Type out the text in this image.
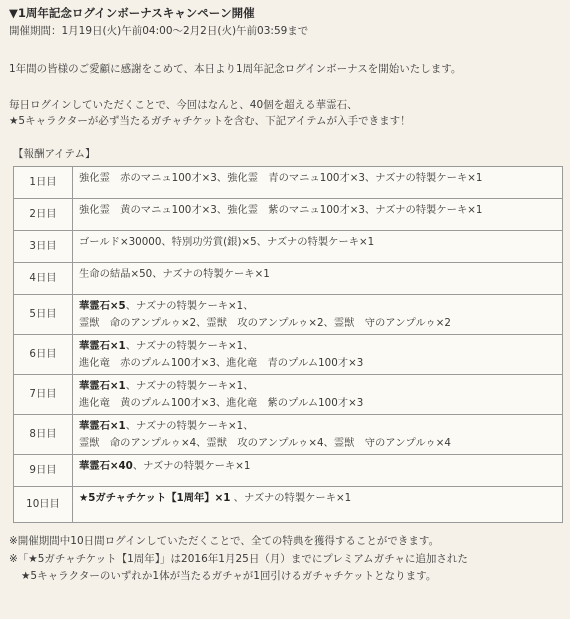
▼1周年記念ログインボーナスキャンペーン開催

開催期間：1月19日(火)午前04:00～2月2日(火)午前03:59まで

1年間の皆様のご愛顧に感謝をこめて、本日より1周年記念ログインボーナスを開始いたします。

毎日ログインしていただくことで、今回はなんと、40個を超える華霊石、

★5キャラクターが必ず当たるガチャチケットを含む、下記アイテムが入手できます！

【報酬アイテム】
1日目	強化霊　赤のマニュ100才×3、強化霊　青のマニュ100才×3、ナズナの特製ケーキ×1

2日目	強化霊　黄のマニュ100才×3、強化霊　紫のマニュ100才×3、ナズナの特製ケーキ×1

3日目	ゴールド×30000、特別功労賞(銀)×5、ナズナの特製ケーキ×1

4日目	生命の結晶×50、ナズナの特製ケーキ×1

5日目	華霊石×5、ナズナの特製ケーキ×1、
霊獣　命のアンプルゥ×2、霊獣　攻のアンプルゥ×2、霊獣　守のアンプルゥ×2

6日目	華霊石×1、ナズナの特製ケーキ×1、
進化竜　赤のプルム100才×3、進化竜　青のプルム100才×3

7日目	華霊石×1、ナズナの特製ケーキ×1、
進化竜　黄のプルム100才×3、進化竜　紫のプルム100才×3

8日目	華霊石×1、ナズナの特製ケーキ×1、
霊獣　命のアンプルゥ×4、霊獣　攻のアンプルゥ×4、霊獣　守のアンプルゥ×4

9日目	華霊石×40、ナズナの特製ケーキ×1

10日目	★5ガチャチケット【1周年】×1 、ナズナの特製ケーキ×1

※開催期間中10日間ログインしていただくことで、全ての特典を獲得することができます。

※「★5ガチャチケット【1周年】」は2016年1月25日（月）までにプレミアムガチャに追加された

★5キャラクターのいずれか1体が当たるガチャが1回引けるガチャチケットとなります。
